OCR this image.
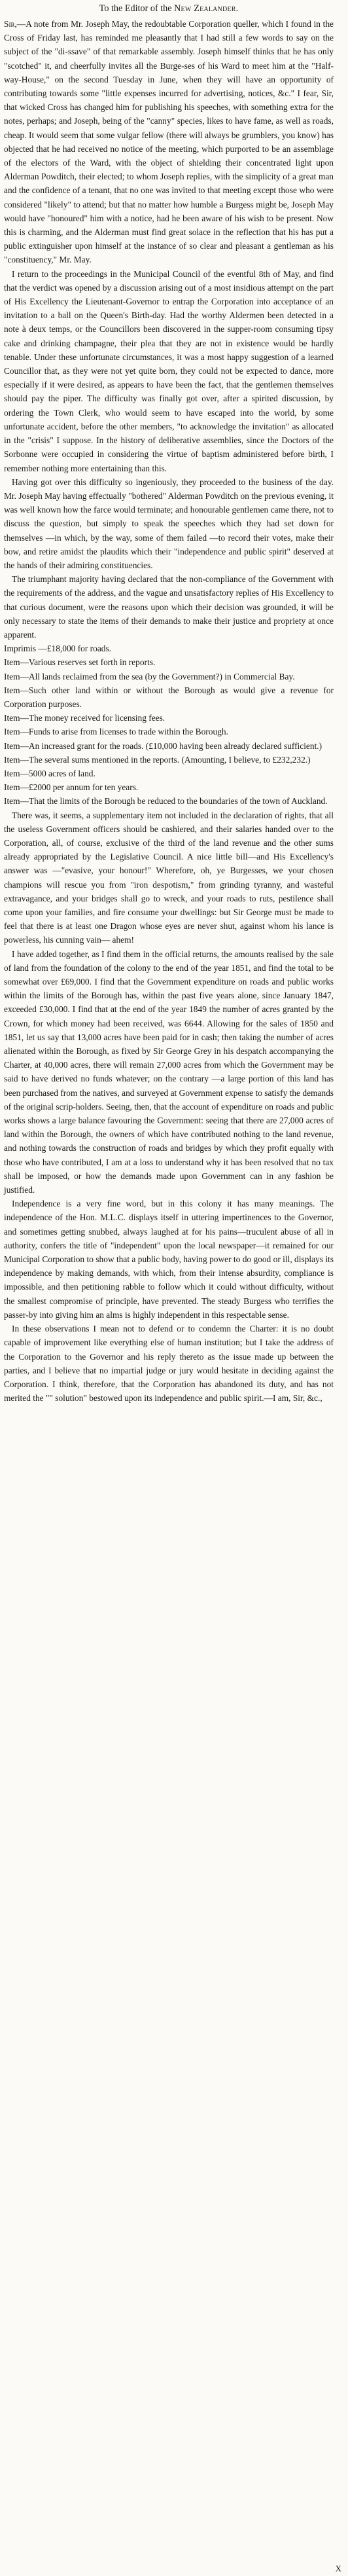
To the Editor of the New Zealander.

Sir,—A note from Mr. Joseph May, the redoubtable Corporation queller, which I found in the Cross of Friday last, has reminded me pleasantly that I had still a few words to say on the subject of the "di-ssave" of that remarkable assembly. Joseph himself thinks that he has only "scotched" it, and cheerfully invites all the Burge-ses of his Ward to meet him at the "Half-way-House," on the second Tuesday in June, when they will have an opportunity of contributing towards some "little expenses incurred for advertising, notices, &c." I fear, Sir, that wicked Cross has changed him for publishing his speeches, with something extra for the notes, perhaps; and Joseph, being of the "canny" species, likes to have fame, as well as roads, cheap. It would seem that some vulgar fellow (there will always be grumblers, you know) has objected that he had received no notice of the meeting, which purported to be an assemblage of the electors of the Ward, with the object of shielding their concentrated light upon Alderman Powditch, their elected; to whom Joseph replies, with the simplicity of a great man and the confidence of a tenant, that no one was invited to that meeting except those who were considered "likely" to attend; but that no matter how humble a Burgess might be, Joseph May would have "honoured" him with a notice, had he been aware of his wish to be present. Now this is charming, and the Alderman must find great solace in the reflection that his has put a public extinguisher upon himself at the instance of so clear and pleasant a gentleman as his "constituency," Mr. May.

I return to the proceedings in the Municipal Council of the eventful 8th of May, and find that the verdict was opened by a discussion arising out of a most insidious attempt on the part of His Excellency the Lieutenant-Governor to entrap the Corporation into acceptance of an invitation to a ball on the Queen's Birth-day. Had the worthy Aldermen been detected in a note à deux temps, or the Councillors been discovered in the supper-room consuming tipsy cake and drinking champagne, their plea that they are not in existence would be hardly tenable. Under these unfortunate circumstances, it was a most happy suggestion of a learned Councillor that, as they were not yet quite born, they could not be expected to dance, more especially if it were desired, as appears to have been the fact, that the gentlemen themselves should pay the piper. The difficulty was finally got over, after a spirited discussion, by ordering the Town Clerk, who would seem to have escaped into the world, by some unfortunate accident, before the other members, "to acknowledge the invitation" as allocated in the "crisis" I suppose. In the history of deliberative assemblies, since the Doctors of the Sorbonne were occupied in considering the virtue of baptism administered before birth, I remember nothing more entertaining than this.

Having got over this difficulty so ingeniously, they proceeded to the business of the day. Mr. Joseph May having effectually "bothered" Alderman Powditch on the previous evening, it was well known how the farce would terminate; and honourable gentlemen came there, not to discuss the question, but simply to speak the speeches which they had set down for themselves —in which, by the way, some of them failed —to record their votes, make their bow, and retire amidst the plaudits which their "independence and public spirit" deserved at the hands of their admiring constituencies.

The triumphant majority having declared that the non-compliance of the Government with the requirements of the address, and the vague and unsatisfactory replies of His Excellency to that curious document, were the reasons upon which their decision was grounded, it will be only necessary to state the items of their demands to make their justice and propriety at once apparent.

Imprimis —£18,000 for roads.

Item—Various reserves set forth in reports.

Item—All lands reclaimed from the sea (by the Government?) in Commercial Bay.

Item—Such other land within or without the Borough as would give a revenue for Corporation purposes.

Item—The money received for licensing fees.

Item—Funds to arise from licenses to trade within the Borough.

Item—An increased grant for the roads. (£10,000 having been already declared sufficient.)

Item—The several sums mentioned in the reports. (Amounting, I believe, to £232,232.)

Item—5000 acres of land.

Item—£2000 per annum for ten years.

Item—That the limits of the Borough be reduced to the boundaries of the town of Auckland.

There was, it seems, a supplementary item not included in the declaration of rights, that all the useless Government officers should be cashiered, and their salaries handed over to the Corporation, all, of course, exclusive of the third of the land revenue and the other sums already appropriated by the Legislative Council. A nice little bill—and His Excellency's answer was —"evasive, your honour!" Wherefore, oh, ye Burgesses, we your chosen champions will rescue you from "iron despotism," from grinding tyranny, and wasteful extravagance, and your bridges shall go to wreck, and your roads to ruts, pestilence shall come upon your families, and fire consume your dwellings: but Sir George must be made to feel that there is at least one Dragon whose eyes are never shut, against whom his lance is powerless, his cunning vain— ahem!

I have added together, as I find them in the official returns, the amounts realised by the sale of land from the foundation of the colony to the end of the year 1851, and find the total to be somewhat over £69,000. I find that the Government expenditure on roads and public works within the limits of the Borough has, within the past five years alone, since January 1847, exceeded £30,000. I find that at the end of the year 1849 the number of acres granted by the Crown, for which money had been received, was 6644. Allowing for the sales of 1850 and 1851, let us say that 13,000 acres have been paid for in cash; then taking the number of acres alienated within the Borough, as fixed by Sir George Grey in his despatch accompanying the Charter, at 40,000 acres, there will remain 27,000 acres from which the Government may be said to have derived no funds whatever; on the contrary —a large portion of this land has been purchased from the natives, and surveyed at Government expense to satisfy the demands of the original scrip-holders. Seeing, then, that the account of expenditure on roads and public works shows a large balance favouring the Government: seeing that there are 27,000 acres of land within the Borough, the owners of which have contributed nothing to the land revenue, and nothing towards the construction of roads and bridges by which they profit equally with those who have contributed, I am at a loss to understand why it has been resolved that no tax shall be imposed, or how the demands made upon Government can in any fashion be justified.

Independence is a very fine word, but in this colony it has many meanings. The independence of the Hon. M.L.C. displays itself in uttering impertinences to the Governor, and sometimes getting snubbed, always laughed at for his pains—truculent abuse of all in authority, confers the title of "independent" upon the local newspaper—it remained for our Municipal Corporation to show that a public body, having power to do good or ill, displays its independence by making demands, with which, from their intense absurdity, compliance is impossible, and then petitioning rabble to follow which it could without difficulty, without the smallest compromise of principle, have prevented. The steady Burgess who terrifies the passer-by into giving him an alms is highly independent in this respectable sense.

In these observations I mean not to defend or to condemn the Charter: it is no doubt capable of improvement like everything else of human institution; but I take the address of the Corporation to the Governor and his reply thereto as the issue made up between the parties, and I believe that no impartial judge or jury would hesitate in deciding against the Corporation. I think, therefore, that the Corporation has abandoned its duty, and has not merited the "" solution" bestowed upon its independence and public spirit.—I am, Sir, &c.,

X
